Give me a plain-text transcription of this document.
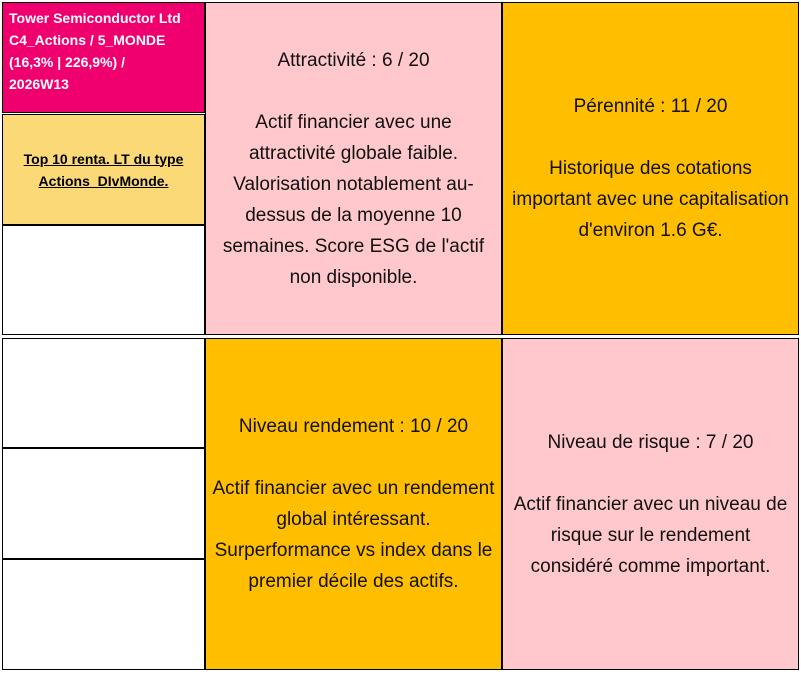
Tower Semiconductor Ltd
C4_Actions / 5_MONDE
(16,3% | 226,9%) /
2026W13
Top 10 renta. LT du type Actions_DIvMonde.
Attractivité : 6 / 20
Actif financier avec une attractivité globale faible. Valorisation notablement au-dessus de la moyenne 10 semaines. Score ESG de l'actif non disponible.
Pérennité : 11 / 20
Historique des cotations important avec une capitalisation d'environ 1.6 G€.
Niveau rendement : 10 / 20
Actif financier avec un rendement global intéressant. Surperformance vs index dans le premier décile des actifs.
Niveau de risque : 7 / 20
Actif financier avec un niveau de risque sur le rendement considéré comme important.
